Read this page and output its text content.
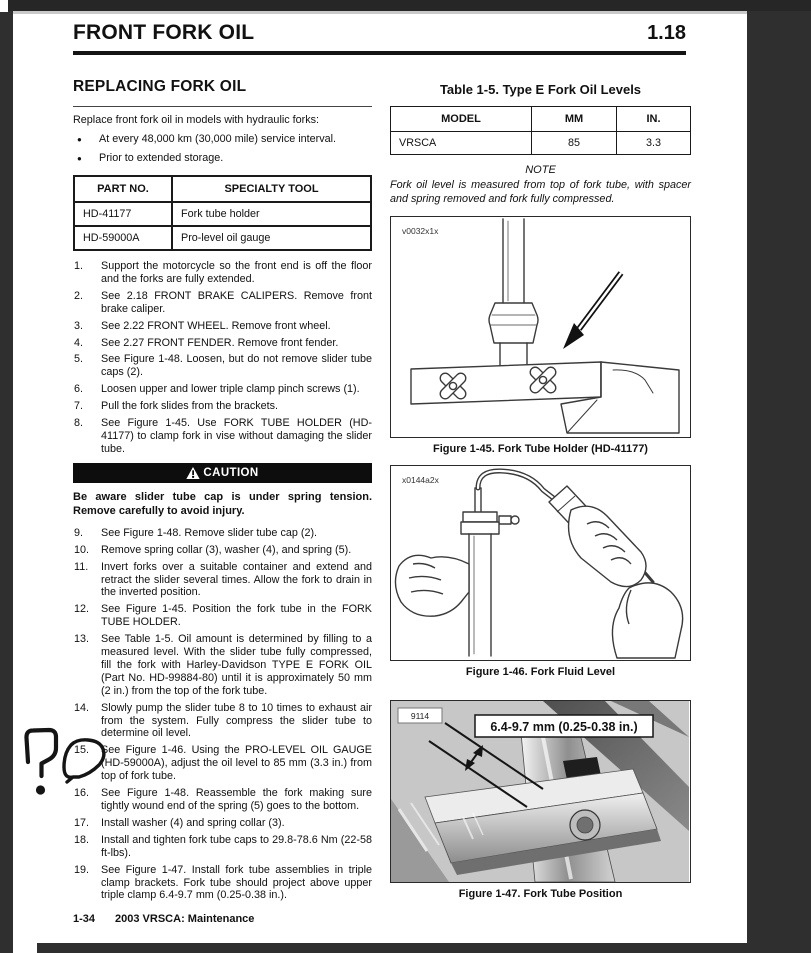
FRONT FORK OIL	1.18
REPLACING FORK OIL
Replace front fork oil in models with hydraulic forks:
●	At every 48,000 km (30,000 mile) service interval.
●	Prior to extended storage.
PART NO.	SPECIALTY TOOL
HD-41177	Fork tube holder
HD-59000A	Pro-level oil gauge
1.	Support the motorcycle so the front end is off the floor and the forks are fully extended.
2.	See 2.18 FRONT BRAKE CALIPERS. Remove front brake caliper.
3.	See 2.22 FRONT WHEEL. Remove front wheel.
4.	See 2.27 FRONT FENDER. Remove front fender.
5.	See Figure 1-48. Loosen, but do not remove slider tube caps (2).
6.	Loosen upper and lower triple clamp pinch screws (1).
7.	Pull the fork slides from the brackets.
8.	See Figure 1-45. Use FORK TUBE HOLDER (HD-41177) to clamp fork in vise without damaging the slider tube.
CAUTION
Be aware slider tube cap is under spring tension. Remove carefully to avoid injury.
9.	See Figure 1-48. Remove slider tube cap (2).
10.	Remove spring collar (3), washer (4), and spring (5).
11.	Invert forks over a suitable container and extend and retract the slider several times. Allow the fork to drain in the inverted position.
12.	See Figure 1-45. Position the fork tube in the FORK TUBE HOLDER.
13.	See Table 1-5. Oil amount is determined by filling to a measured level. With the slider tube fully compressed, fill the fork with Harley-Davidson TYPE E FORK OIL (Part No. HD-99884-80) until it is approximately 50 mm (2 in.) from the top of the fork tube.
14.	Slowly pump the slider tube 8 to 10 times to exhaust air from the system. Fully compress the slider tube to determine oil level.
15.	See Figure 1-46. Using the PRO-LEVEL OIL GAUGE (HD-59000A), adjust the oil level to 85 mm (3.3 in.) from top of fork tube.
16.	See Figure 1-48. Reassemble the fork making sure tightly wound end of the spring (5) goes to the bottom.
17.	Install washer (4) and spring collar (3).
18.	Install and tighten fork tube caps to 29.8-78.6 Nm (22-58 ft-lbs).
19.	See Figure 1-47. Install fork tube assemblies in triple clamp brackets. Fork tube should project above upper triple clamp 6.4-9.7 mm (0.25-0.38 in.).
Table 1-5. Type E Fork Oil Levels
MODEL	MM	IN.
VRSCA	85	3.3
NOTE
Fork oil level is measured from top of fork tube, with spacer and spring removed and fork fully compressed.
v0032x1x
Figure 1-45. Fork Tube Holder (HD-41177)
x0144a2x
Figure 1-46. Fork Fluid Level
9114
6.4-9.7 mm (0.25-0.38 in.)
Figure 1-47. Fork Tube Position
1-34 2003 VRSCA: Maintenance
